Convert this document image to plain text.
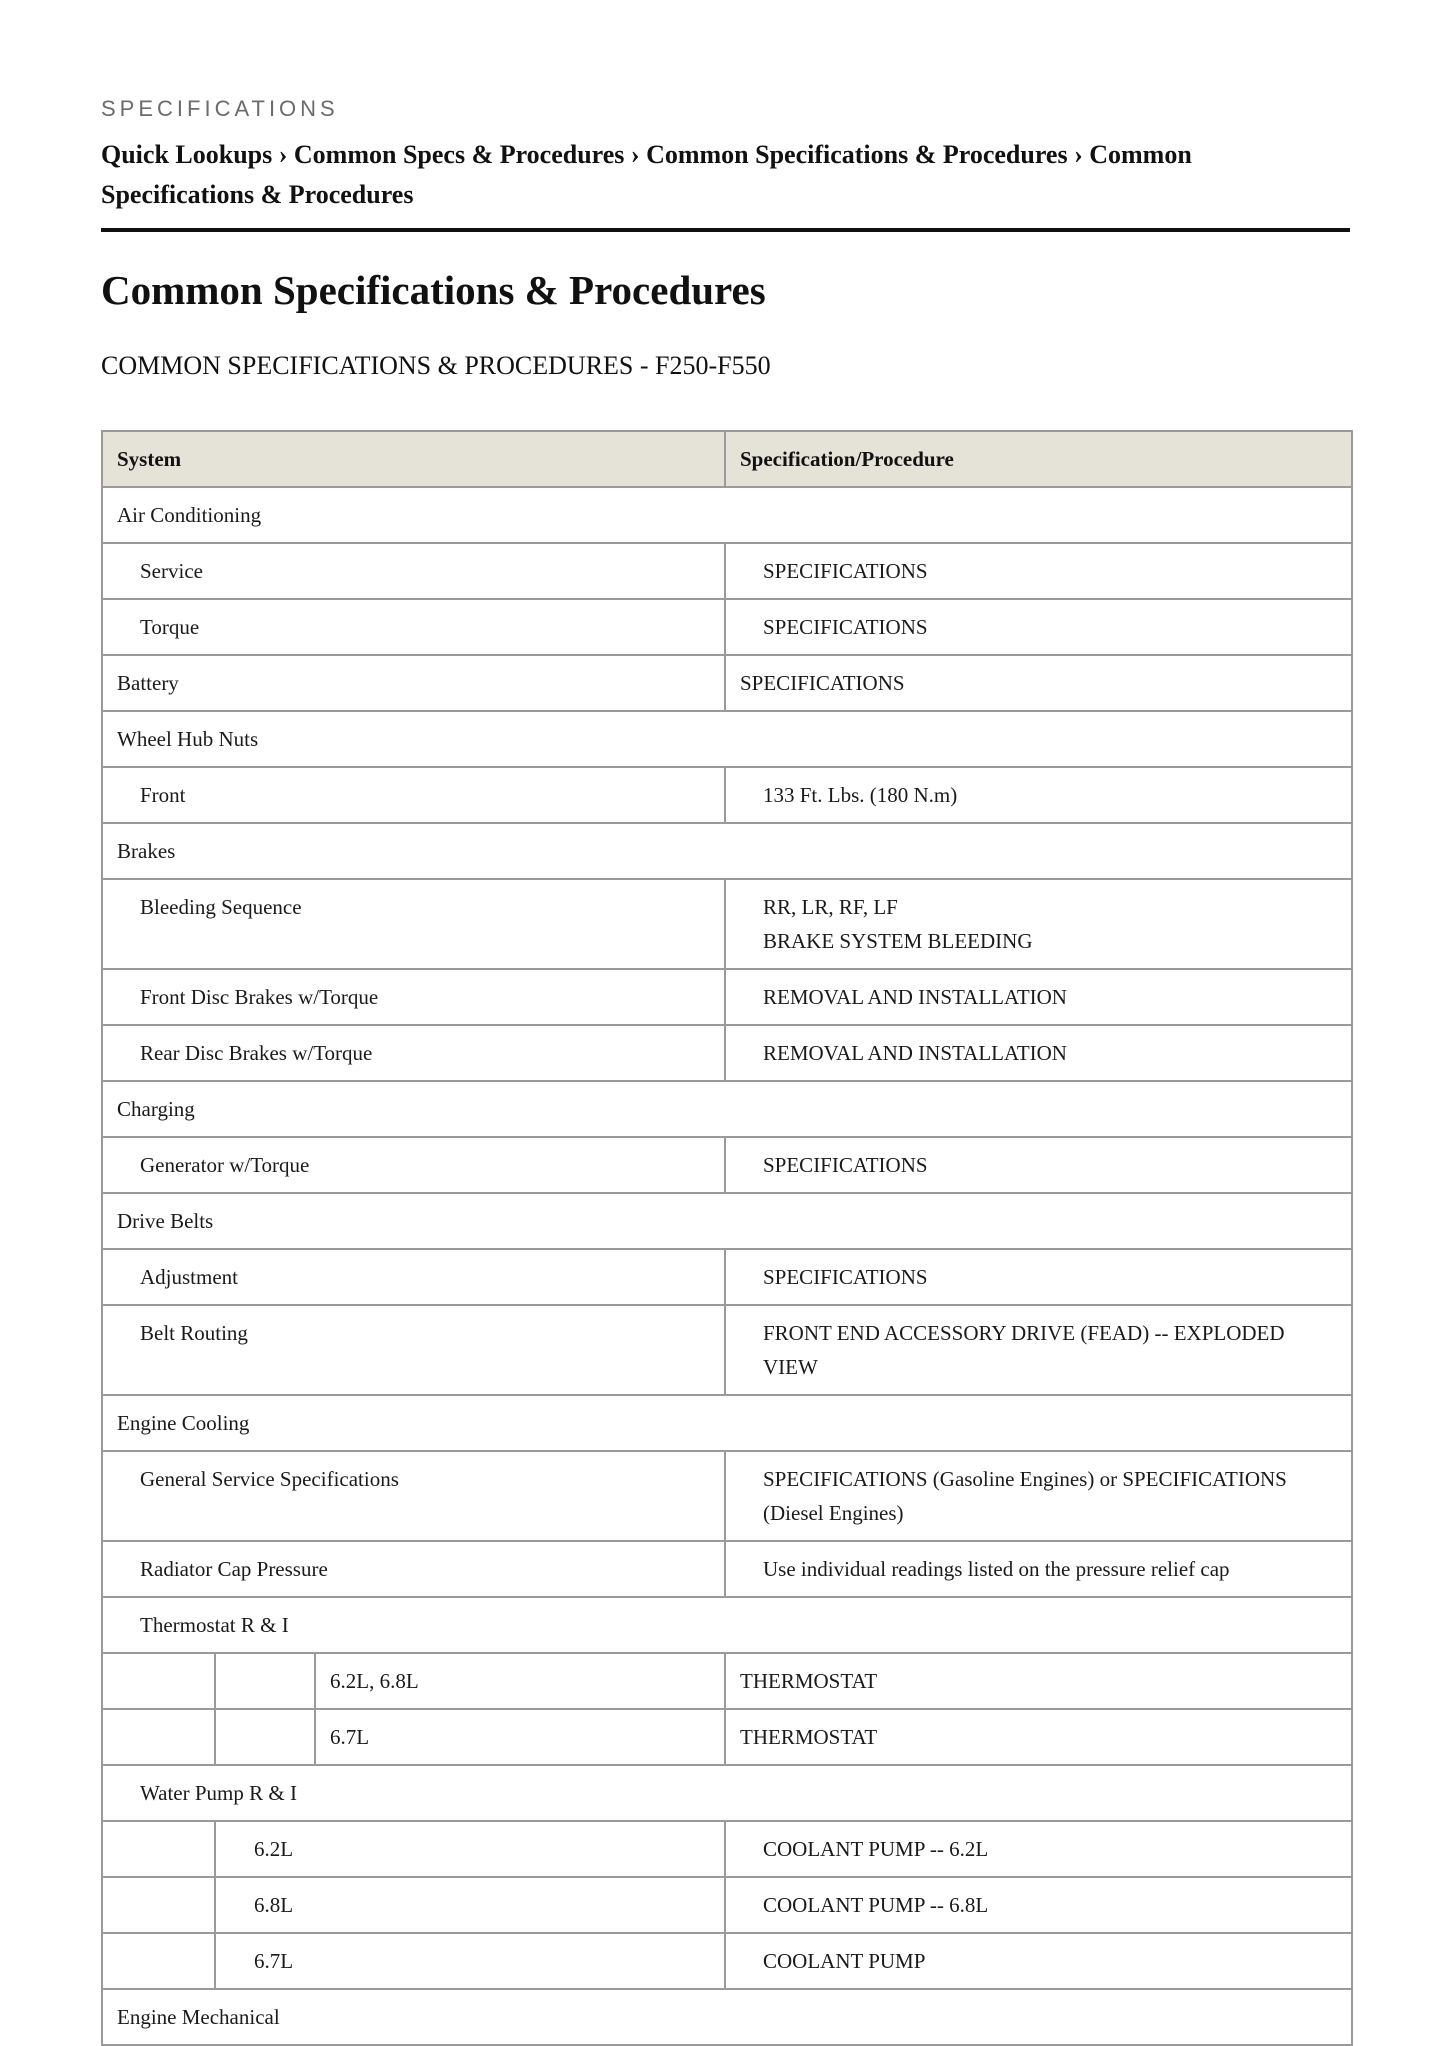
SPECIFICATIONS
Quick Lookups › Common Specs & Procedures › Common Specifications & Procedures › Common Specifications & Procedures
Common Specifications & Procedures
COMMON SPECIFICATIONS & PROCEDURES - F250-F550
System			Specification/Procedure
Air Conditioning			
Service			SPECIFICATIONS
Torque			SPECIFICATIONS
Battery			SPECIFICATIONS
Wheel Hub Nuts			
Front			133 Ft. Lbs. (180 N.m)
Brakes			
Bleeding Sequence			RR, LR, RF, LF
BRAKE SYSTEM BLEEDING

Front Disc Brakes w/Torque			REMOVAL AND INSTALLATION
Rear Disc Brakes w/Torque			REMOVAL AND INSTALLATION
Charging			
Generator w/Torque			SPECIFICATIONS
Drive Belts			
Adjustment			SPECIFICATIONS
Belt Routing			FRONT END ACCESSORY DRIVE (FEAD) -- EXPLODED VIEW
Engine Cooling			
General Service Specifications			SPECIFICATIONS (Gasoline Engines) or SPECIFICATIONS (Diesel Engines)
Radiator Cap Pressure			Use individual readings listed on the pressure relief cap
Thermostat R & I			
		6.2L, 6.8L	THERMOSTAT
		6.7L	THERMOSTAT
Water Pump R & I			
	6.2L		COOLANT PUMP -- 6.2L
	6.8L		COOLANT PUMP -- 6.8L
	6.7L		COOLANT PUMP
Engine Mechanical			
